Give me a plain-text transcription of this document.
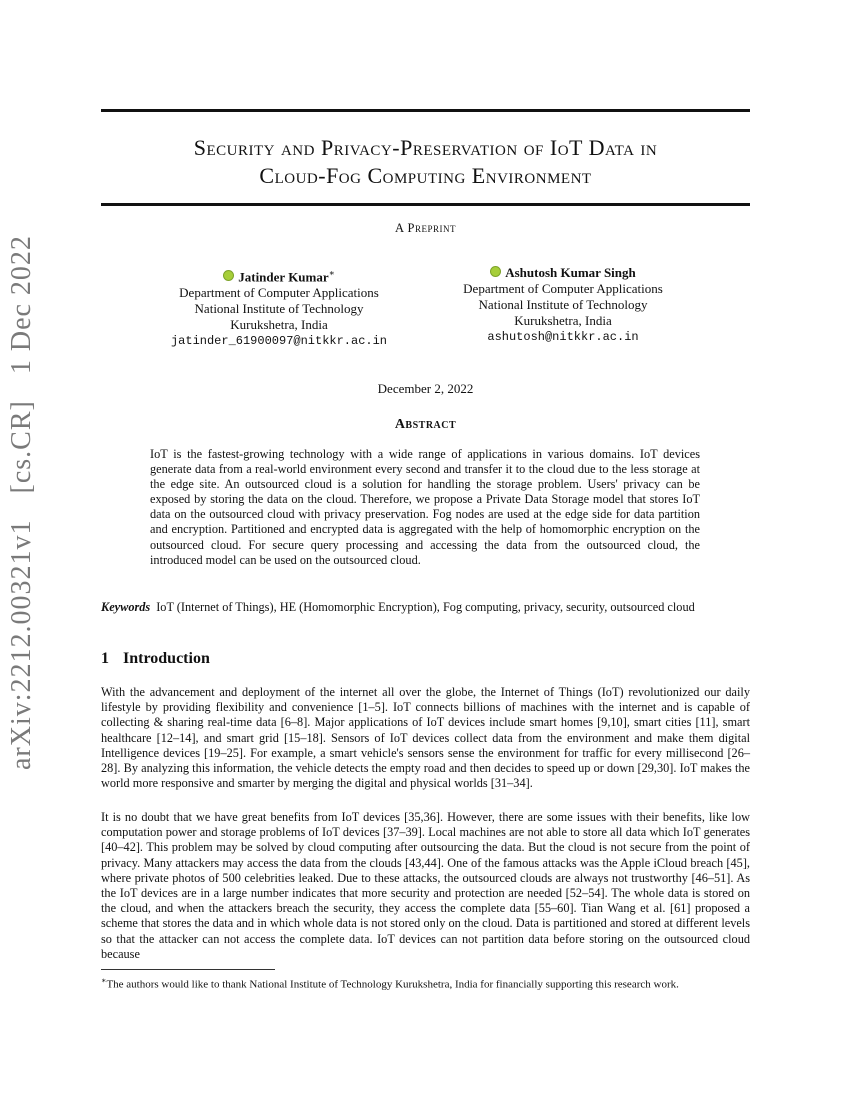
arXiv:2212.00321v1 [cs.CR] 1 Dec 2022
Security and Privacy-Preservation of IoT Data in
Cloud-Fog Computing Environment
A Preprint
Jatinder Kumar∗
Department of Computer Applications
National Institute of Technology
Kurukshetra, India
jatinder_61900097@nitkkr.ac.in
Ashutosh Kumar Singh
Department of Computer Applications
National Institute of Technology
Kurukshetra, India
ashutosh@nitkkr.ac.in
December 2, 2022
Abstract
IoT is the fastest-growing technology with a wide range of applications in various domains. IoT devices generate data from a real-world environment every second and transfer it to the cloud due to the less storage at the edge site. An outsourced cloud is a solution for handling the storage problem. Users' privacy can be exposed by storing the data on the cloud. Therefore, we propose a Private Data Storage model that stores IoT data on the outsourced cloud with privacy preservation. Fog nodes are used at the edge side for data partition and encryption. Partitioned and encrypted data is aggregated with the help of homomorphic encryption on the outsourced cloud. For secure query processing and accessing the data from the outsourced cloud, the introduced model can be used on the outsourced cloud.
Keywords IoT (Internet of Things), HE (Homomorphic Encryption), Fog computing, privacy, security, outsourced cloud
1 Introduction
With the advancement and deployment of the internet all over the globe, the Internet of Things (IoT) revolutionized our daily lifestyle by providing flexibility and convenience [1–5]. IoT connects billions of machines with the internet and is capable of collecting & sharing real-time data [6–8]. Major applications of IoT devices include smart homes [9,10], smart cities [11], smart healthcare [12–14], and smart grid [15–18]. Sensors of IoT devices collect data from the environment and make them digital Intelligence devices [19–25]. For example, a smart vehicle's sensors sense the environment for traffic for every millisecond [26–28]. By analyzing this information, the vehicle detects the empty road and then decides to speed up or down [29,30]. IoT makes the world more responsive and smarter by merging the digital and physical worlds [31–34].
It is no doubt that we have great benefits from IoT devices [35,36]. However, there are some issues with their benefits, like low computation power and storage problems of IoT devices [37–39]. Local machines are not able to store all data which IoT generates [40–42]. This problem may be solved by cloud computing after outsourcing the data. But the cloud is not secure from the point of privacy. Many attackers may access the data from the clouds [43,44]. One of the famous attacks was the Apple iCloud breach [45], where private photos of 500 celebrities leaked. Due to these attacks, the outsourced clouds are always not trustworthy [46–51]. As the IoT devices are in a large number indicates that more security and protection are needed [52–54]. The whole data is stored on the cloud, and when the attackers breach the security, they access the complete data [55–60]. Tian Wang et al. [61] proposed a scheme that stores the data and in which whole data is not stored only on the cloud. Data is partitioned and stored at different levels so that the attacker can not access the complete data. IoT devices can not partition data before storing on the outsourced cloud because
∗The authors would like to thank National Institute of Technology Kurukshetra, India for financially supporting this research work.
